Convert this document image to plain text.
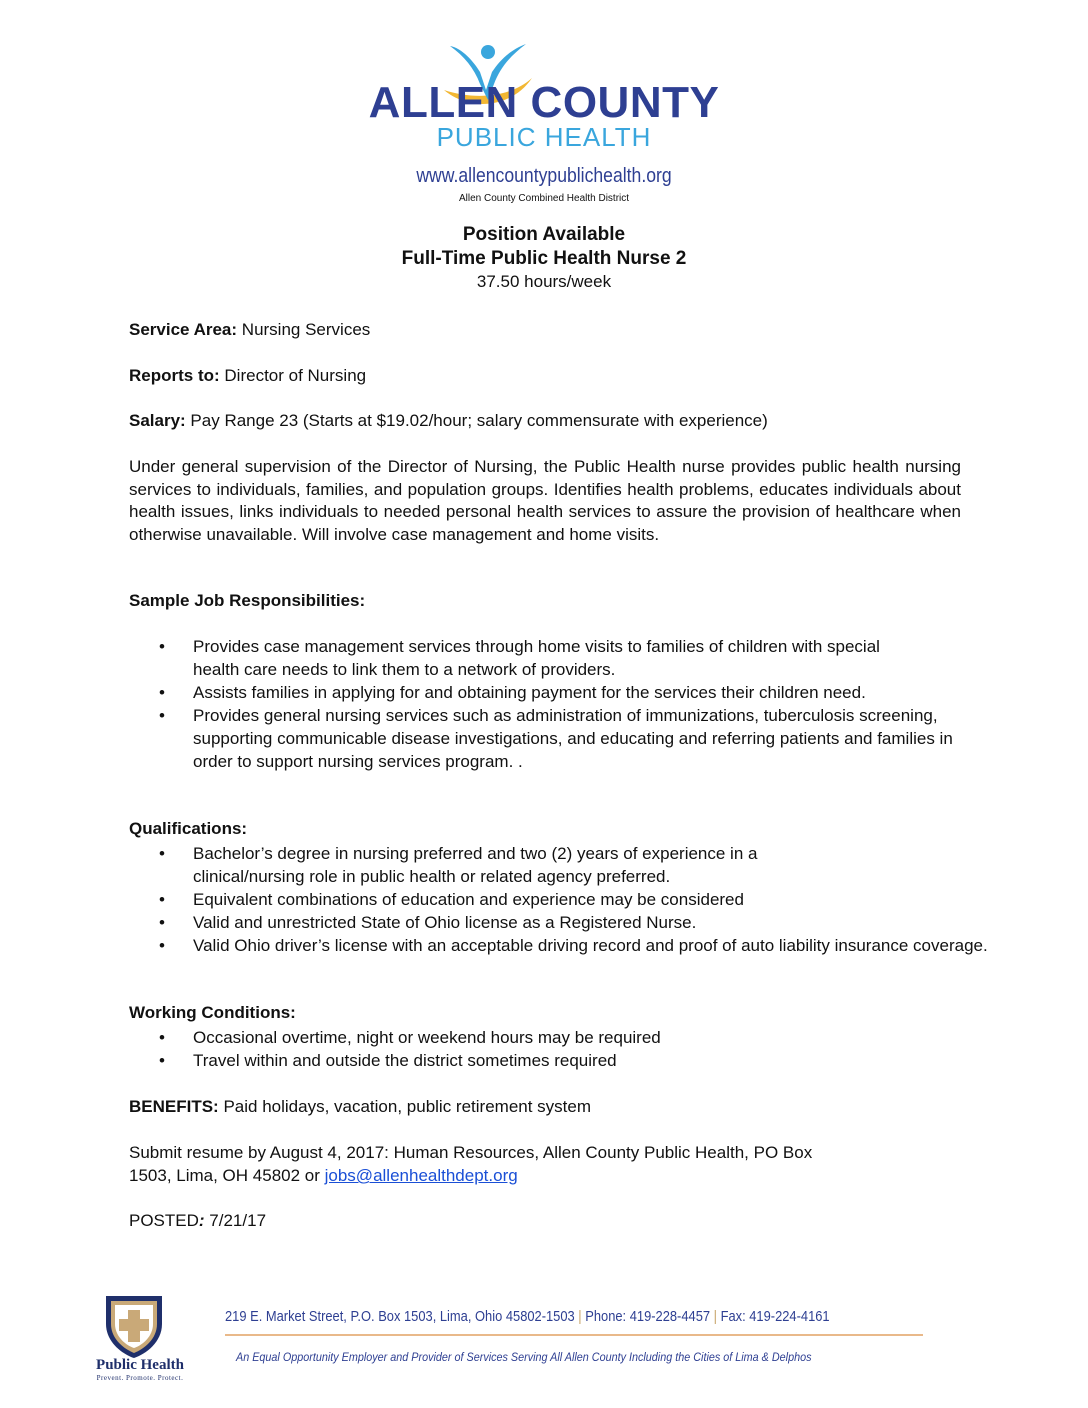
ALLEN COUNTY
PUBLIC HEALTH
www.allencountypublichealth.org
Allen County Combined Health District
Position Available
Full-Time Public Health Nurse 2
37.50 hours/week
Service Area: Nursing Services
Reports to: Director of Nursing
Salary: Pay Range 23 (Starts at $19.02/hour; salary commensurate with experience)
Under general supervision of the Director of Nursing, the Public Health nurse provides public health nursing services to individuals, families, and population groups. Identifies health problems, educates individuals about health issues, links individuals to needed personal health services to assure the provision of healthcare when otherwise unavailable. Will involve case management and home visits.
Sample Job Responsibilities:
• Provides case management services through home visits to families of children with special health care needs to link them to a network of providers.
• Assists families in applying for and obtaining payment for the services their children need.
• Provides general nursing services such as administration of immunizations, tuberculosis screening, supporting communicable disease investigations, and educating and referring patients and families in order to support nursing services program. .
Qualifications:
• Bachelor’s degree in nursing preferred and two (2) years of experience in a clinical/nursing role in public health or related agency preferred.
• Equivalent combinations of education and experience may be considered
• Valid and unrestricted State of Ohio license as a Registered Nurse.
• Valid Ohio driver’s license with an acceptable driving record and proof of auto liability insurance coverage.
Working Conditions:
• Occasional overtime, night or weekend hours may be required
• Travel within and outside the district sometimes required
BENEFITS: Paid holidays, vacation, public retirement system
Submit resume by August 4, 2017: Human Resources, Allen County Public Health, PO Box
1503, Lima, OH 45802 or jobs@allenhealthdept.org
POSTED: 7/21/17
Public Health
Prevent. Promote. Protect.
219 E. Market Street, P.O. Box 1503, Lima, Ohio 45802-1503 | Phone: 419-228-4457 | Fax: 419-224-4161
An Equal Opportunity Employer and Provider of Services Serving All Allen County Including the Cities of Lima & Delphos
